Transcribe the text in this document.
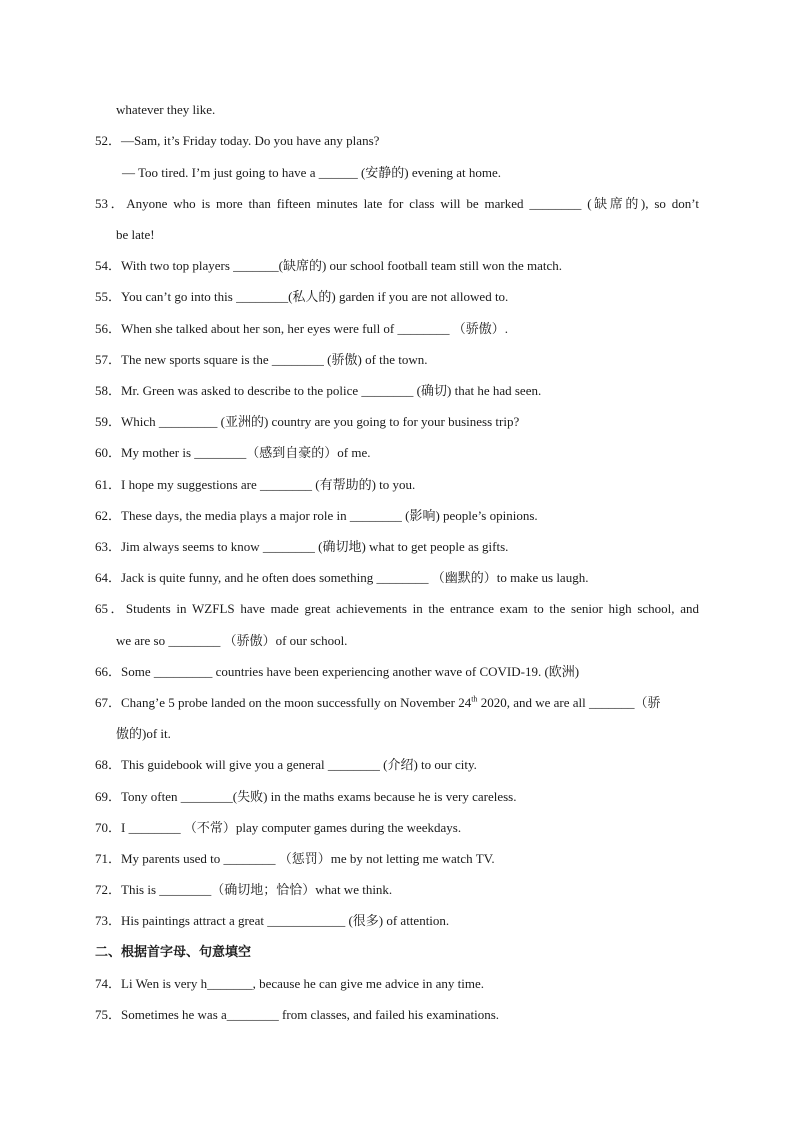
whatever they like.
52．—Sam, it’s Friday today. Do you have any plans?
— Too tired. I’m just going to have a ______ (安静的) evening at home.
53．Anyone who is more than fifteen minutes late for class will be marked ________ (缺席的), so don’t
be late!
54．With two top players _______(缺席的) our school football team still won the match.
55．You can’t go into this ________(私人的) garden if you are not allowed to.
56．When she talked about her son, her eyes were full of ________ （骄傲）.
57．The new sports square is the ________ (骄傲) of the town.
58．Mr. Green was asked to describe to the police ________ (确切) that he had seen.
59．Which _________ (亚洲的) country are you going to for your business trip?
60．My mother is ________（感到自豪的）of me.
61．I hope my suggestions are ________ (有帮助的) to you.
62．These days, the media plays a major role in ________ (影响) people’s opinions.
63．Jim always seems to know ________ (确切地) what to get people as gifts.
64．Jack is quite funny, and he often does something ________ （幽默的）to make us laugh.
65．Students in WZFLS have made great achievements in the entrance exam to the senior high school, and
we are so ________ （骄傲）of our school.
66．Some _________ countries have been experiencing another wave of COVID-19. (欧洲)
67．Chang’e 5 probe landed on the moon successfully on November 24th 2020, and we are all _______（骄
傲的)of it.
68．This guidebook will give you a general ________ (介绍) to our city.
69．Tony often ________(失败) in the maths exams because he is very careless.
70．I ________ （不常）play computer games during the weekdays.
71．My parents used to ________ （惩罚）me by not letting me watch TV.
72．This is ________（确切地；恰恰）what we think.
73．His paintings attract a great ____________ (很多) of attention.
二、根据首字母、句意填空
74．Li Wen is very h_______, because he can give me advice in any time.
75．Sometimes he was a________ from classes, and failed his examinations.
